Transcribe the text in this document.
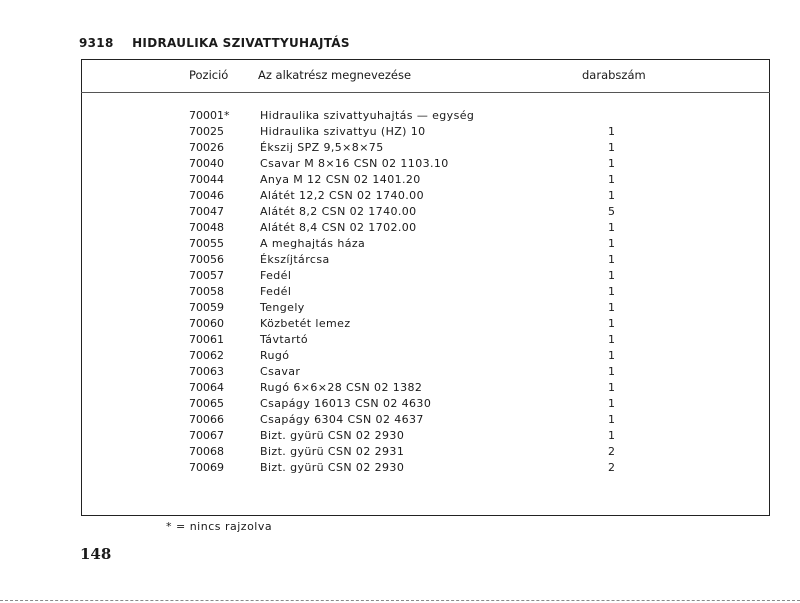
9318 HIDRAULIKA SZIVATTYUHAJTÁS
Pozició	Az alkatrész megnevezése	darabszám
70001*	Hidraulika szivattyuhajtás — egység
70025	Hidraulika szivattyu (HZ) 10	1
70026	Ékszij SPZ 9,5×8×75	1
70040	Csavar M 8×16 CSN 02 1103.10	1
70044	Anya M 12 CSN 02 1401.20	1
70046	Alátét 12,2 CSN 02 1740.00	1
70047	Alátét 8,2 CSN 02 1740.00	5
70048	Alátét 8,4 CSN 02 1702.00	1
70055	A meghajtás háza	1
70056	Ékszíjtárcsa	1
70057	Fedél	1
70058	Fedél	1
70059	Tengely	1
70060	Közbetét lemez	1
70061	Távtartó	1
70062	Rugó	1
70063	Csavar	1
70064	Rugó 6×6×28 CSN 02 1382	1
70065	Csapágy 16013 CSN 02 4630	1
70066	Csapágy 6304 CSN 02 4637	1
70067	Bizt. gyürü CSN 02 2930	1
70068	Bizt. gyürü CSN 02 2931	2
70069	Bizt. gyürü CSN 02 2930	2
* = nincs rajzolva
148
